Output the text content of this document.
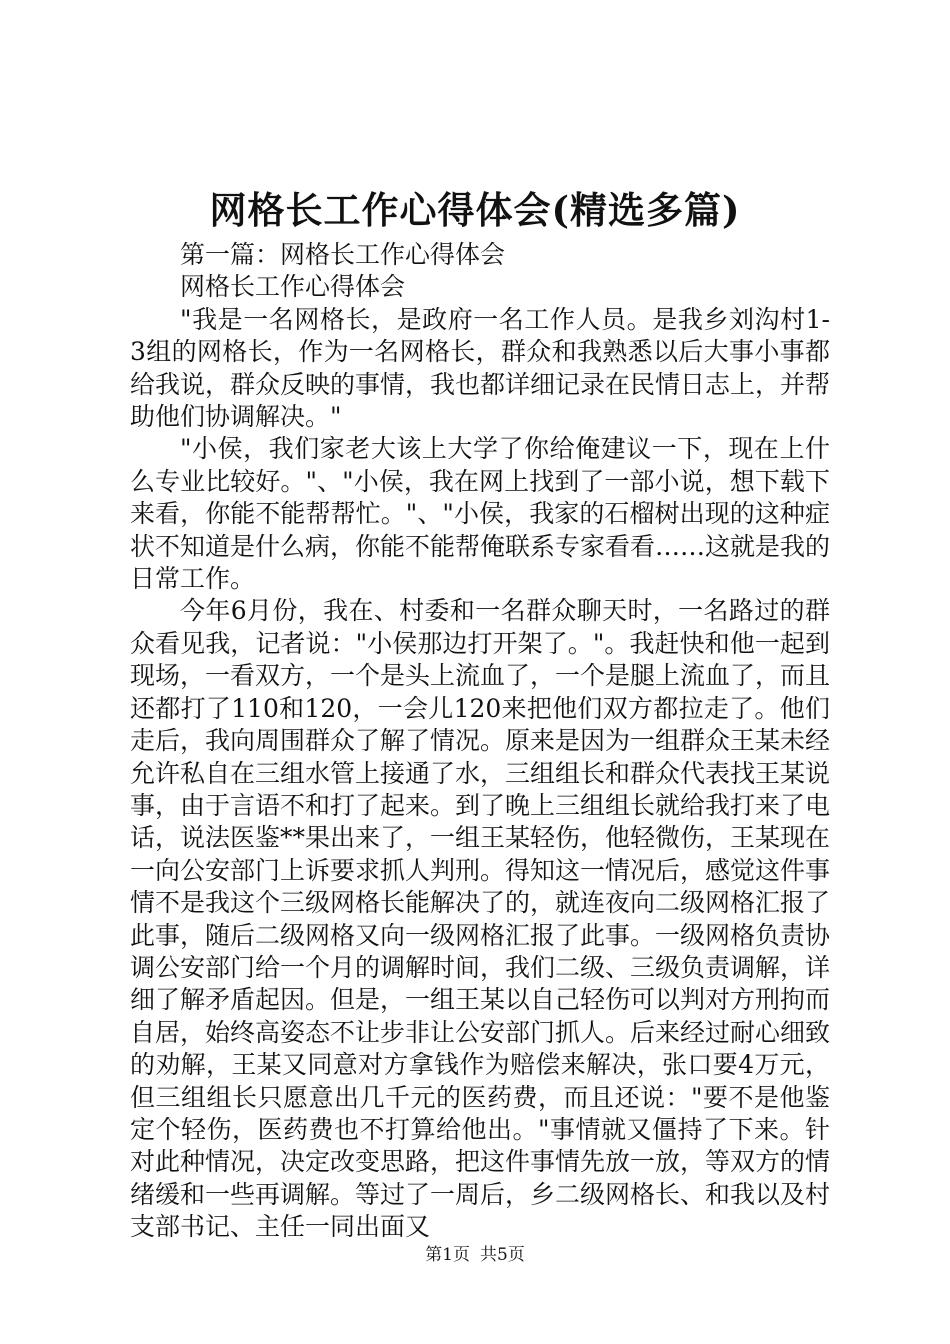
网格长工作心得体会(精选多篇)

第一篇：网格长工作心得体会

网格长工作心得体会

"我是一名网格长，是政府一名工作人员。是我乡刘沟村1-3组的网格长，作为一名网格长，群众和我熟悉以后大事小事都给我说，群众反映的事情，我也都详细记录在民情日志上，并帮助他们协调解决。"

"小侯，我们家老大该上大学了你给俺建议一下，现在上什么专业比较好。"、"小侯，我在网上找到了一部小说，想下载下来看，你能不能帮帮忙。"、"小侯，我家的石榴树出现的这种症状不知道是什么病，你能不能帮俺联系专家看看……这就是我的日常工作。

今年6月份，我在、村委和一名群众聊天时，一名路过的群众看见我，记者说："小侯那边打开架了。"。我赶快和他一起到现场，一看双方，一个是头上流血了，一个是腿上流血了，而且还都打了110和120，一会儿120来把他们双方都拉走了。他们走后，我向周围群众了解了情况。原来是因为一组群众王某未经允许私自在三组水管上接通了水，三组组长和群众代表找王某说事，由于言语不和打了起来。到了晚上三组组长就给我打来了电话，说法医鉴**果出来了，一组王某轻伤，他轻微伤，王某现在一向公安部门上诉要求抓人判刑。得知这一情况后，感觉这件事情不是我这个三级网格长能解决了的，就连夜向二级网格汇报了此事，随后二级网格又向一级网格汇报了此事。一级网格负责协调公安部门给一个月的调解时间，我们二级、三级负责调解，详细了解矛盾起因。但是，一组王某以自己轻伤可以判对方刑拘而自居，始终高姿态不让步非让公安部门抓人。后来经过耐心细致的劝解，王某又同意对方拿钱作为赔偿来解决，张口要4万元，但三组组长只愿意出几千元的医药费，而且还说："要不是他鉴定个轻伤，医药费也不打算给他出。"事情就又僵持了下来。针对此种情况，决定改变思路，把这件事情先放一放，等双方的情绪缓和一些再调解。等过了一周后，乡二级网格长、和我以及村支部书记、主任一同出面又

第1页 共5页
